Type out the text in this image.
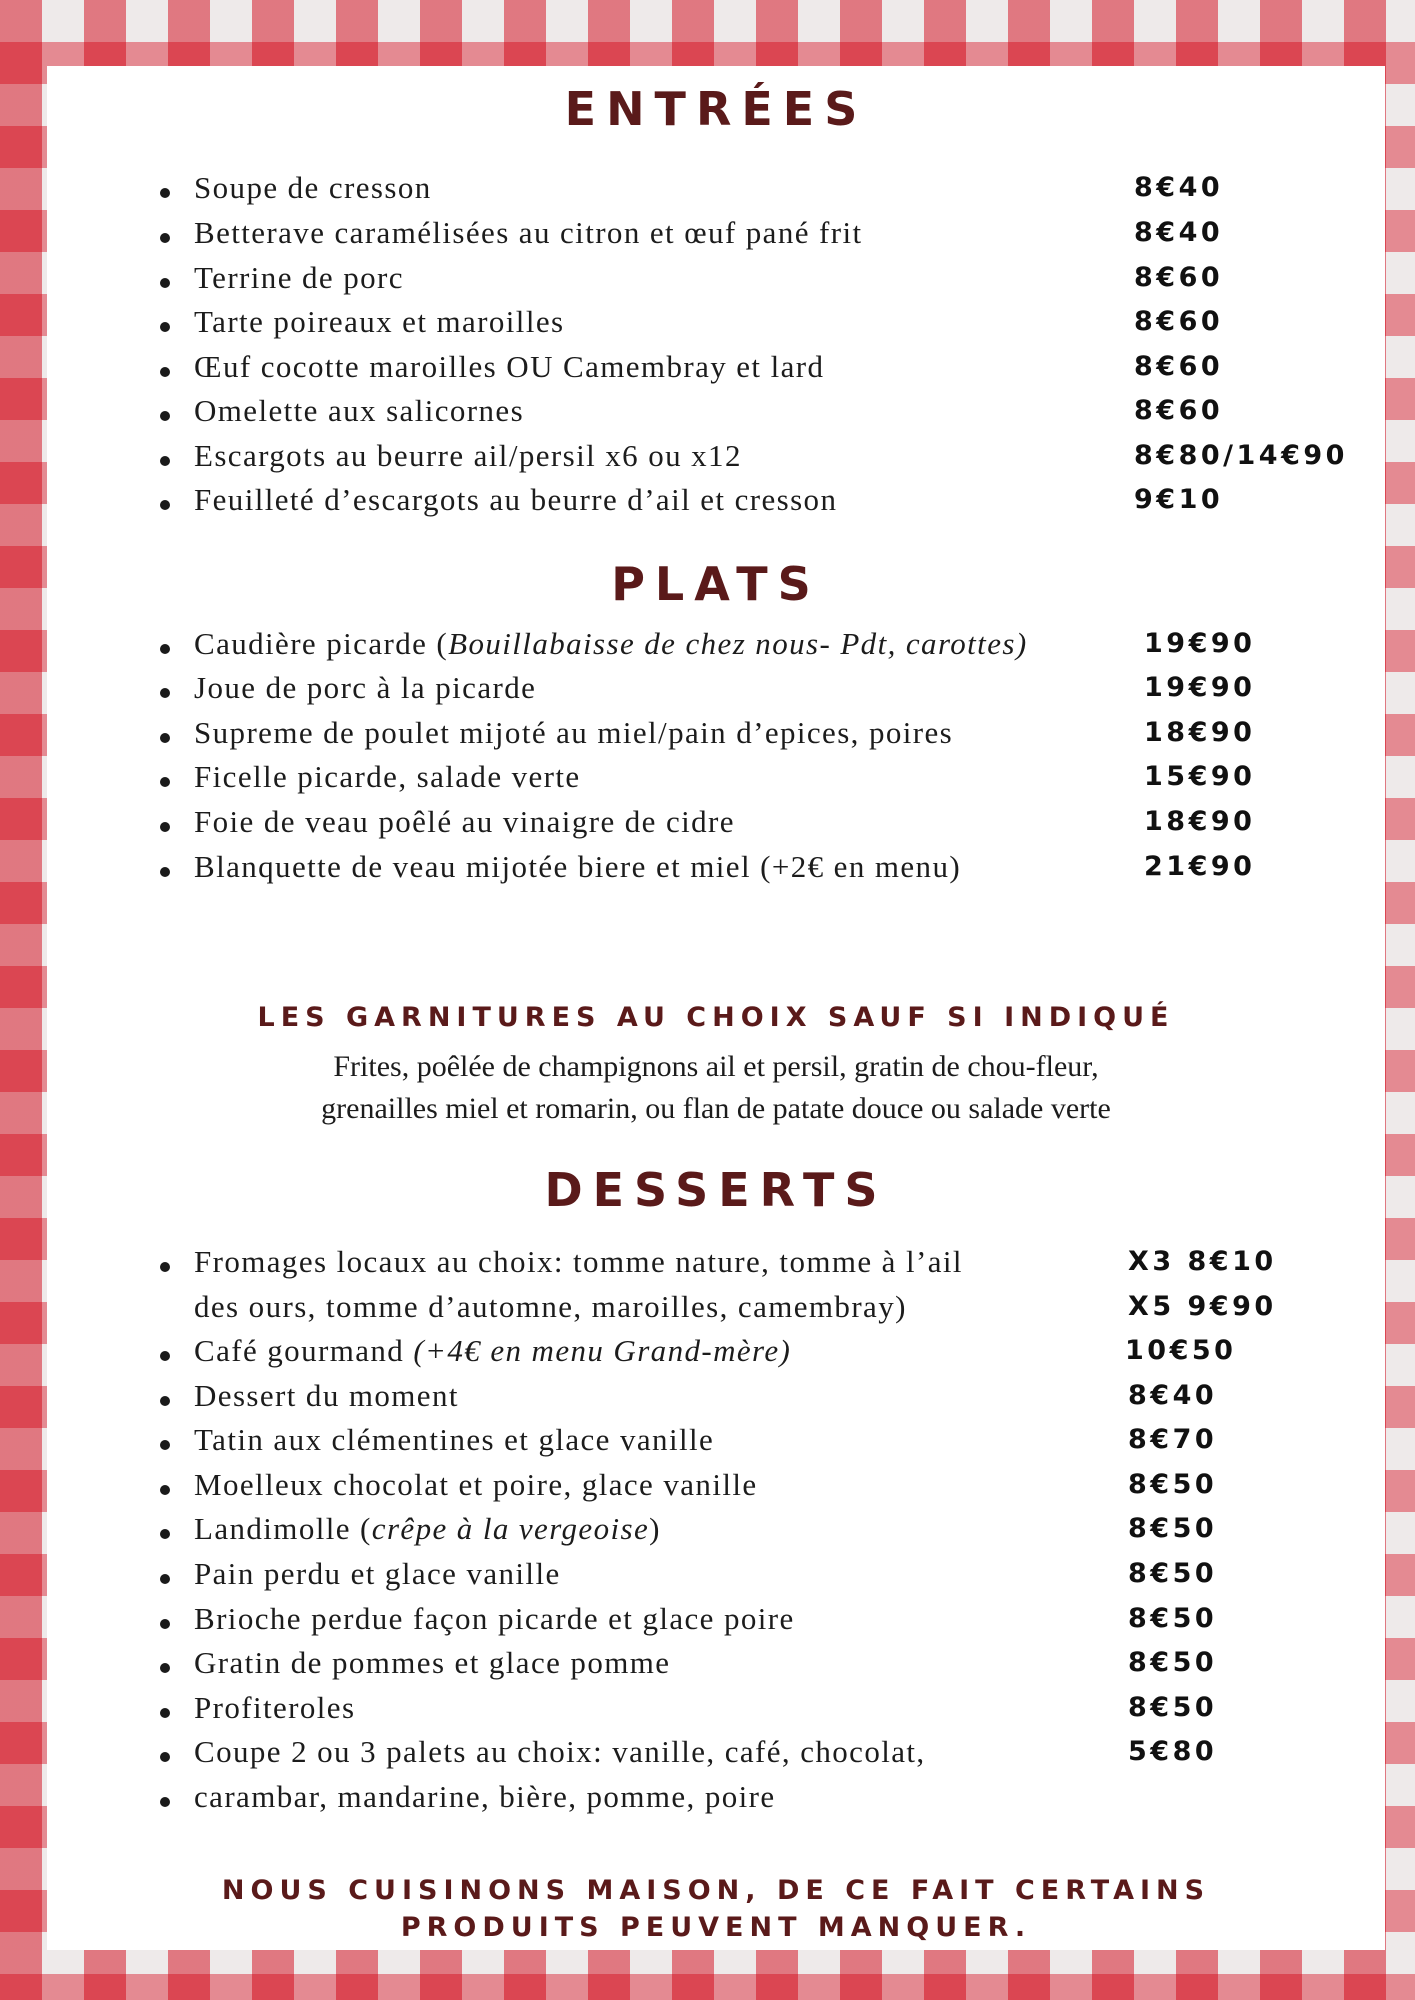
ENTRÉES
Soupe de cresson	8€40
Betterave caramélisées au citron et œuf pané frit	8€40
Terrine de porc	8€60
Tarte poireaux et maroilles	8€60
Œuf cocotte maroilles OU Camembray et lard	8€60
Omelette aux salicornes	8€60
Escargots au beurre ail/persil x6 ou x12	8€80/14€90
Feuilleté d’escargots au beurre d’ail et cresson	9€10
PLATS
Caudière picarde (Bouillabaisse de chez nous- Pdt, carottes)	19€90
Joue de porc à la picarde	19€90
Supreme de poulet mijoté au miel/pain d’epices, poires	18€90
Ficelle picarde, salade verte	15€90
Foie de veau poêlé au vinaigre de cidre	18€90
Blanquette de veau mijotée biere et miel (+2€ en menu)	21€90
LES GARNITURES AU CHOIX SAUF SI INDIQUÉ
Frites, poêlée de champignons ail et persil, gratin de chou-fleur,
grenailles miel et romarin, ou flan de patate douce ou salade verte
DESSERTS
Fromages locaux au choix: tomme nature, tomme à l’ail	X3 8€10
des ours, tomme d’automne, maroilles, camembray)	X5 9€90
Café gourmand (+4€ en menu Grand-mère)	10€50
Dessert du moment	8€40
Tatin aux clémentines et glace vanille	8€70
Moelleux chocolat et poire, glace vanille	8€50
Landimolle (crêpe à la vergeoise)	8€50
Pain perdu et glace vanille	8€50
Brioche perdue façon picarde et glace poire	8€50
Gratin de pommes et glace pomme	8€50
Profiteroles	8€50
Coupe 2 ou 3 palets au choix: vanille, café, chocolat,	5€80
carambar, mandarine, bière, pomme, poire
NOUS CUISINONS MAISON, DE CE FAIT CERTAINS
PRODUITS PEUVENT MANQUER.
